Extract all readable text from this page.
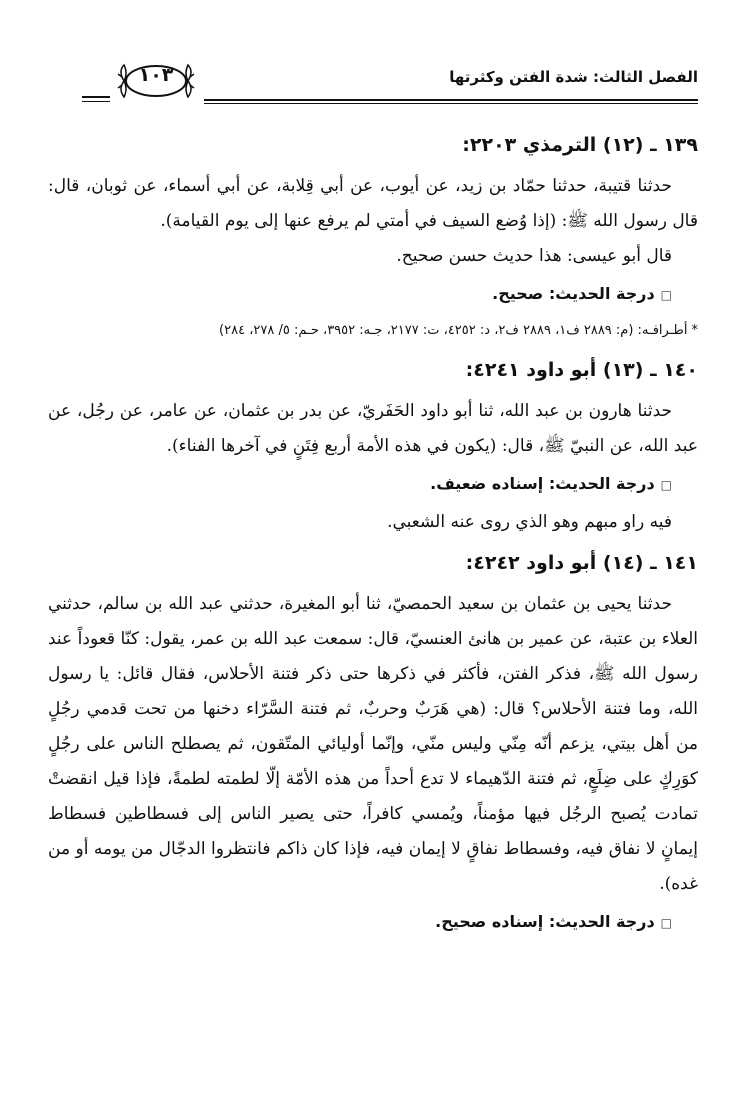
الفصل الثالث: شدة الفتن وكثرتها
١٠٣
١٣٩ ـ (١٢) الترمذي ٢٢٠٣:

حدثنا قتيبة، حدثنا حمّاد بن زيد، عن أيوب، عن أبي قِلابة، عن أبي أسماء، عن ثوبان، قال: قال رسول الله ﷺ: (إذا وُضع السيف في أمتي لم يرفع عنها إلى يوم القيامة).

قال أبو عيسى: هذا حديث حسن صحيح.

□درجة الحديث: صحيح.
*أطـراف‍ـه: (م: ٢٨٨٩ ف١، ٢٨٨٩ ف٢، د: ٤٢٥٢، ت: ٢١٧٧، جـه: ٣٩٥٢، حـم: ٥/ ٢٧٨، ٢٨٤)
١٤٠ ـ (١٣) أبو داود ٤٢٤١:

حدثنا هارون بن عبد الله، ثنا أبو داود الحَفَريّ، عن بدر بن عثمان، عن عامر، عن رجُل، عن عبد الله، عن النبيّ ﷺ، قال: (يكون في هذه الأمة أربع فِتَنٍ في آخرها الفناء).

□درجة الحديث: إسناده ضعيف.

فيه راو مبهم وهو الذي روى عنه الشعبي.

١٤١ ـ (١٤) أبو داود ٤٢٤٢:

حدثنا يحيى بن عثمان بن سعيد الحمصيّ، ثنا أبو المغيرة، حدثني عبد الله بن سالم، حدثني العلاء بن عتبة، عن عمير بن هانئ العنسيّ، قال: سمعت عبد الله بن عمر، يقول: كنّا قعوداً عند رسول الله ﷺ، فذكر الفتن، فأكثر في ذكرها حتى ذكر فتنة الأحلاس، فقال قائل: يا رسول الله، وما فتنة الأحلاس؟ قال: (هي هَرَبٌ وحربٌ، ثم فتنة السَّرّاء دخنها من تحت قدمي رجُلٍ من أهل بيتي، يزعم أنّه مِنّي وليس منّي، وإنّما أوليائي المتّقون، ثم يصطلح الناس على رجُلٍ كوَرِكٍ على ضِلَعٍ، ثم فتنة الدّهيماء لا تدع أحداً من هذه الأمّة إلّا لطمته لطمةً، فإذا قيل انقضتْ تمادت يُصبح الرجُل فيها مؤمناً، ويُمسي كافراً، حتى يصير الناس إلى فسطاطين فسطاط إيمانٍ لا نفاق فيه، وفسطاط نفاقٍ لا إيمان فيه، فإذا كان ذاكم فانتظروا الدجّال من يومه أو من غده).

□درجة الحديث: إسناده صحيح.
